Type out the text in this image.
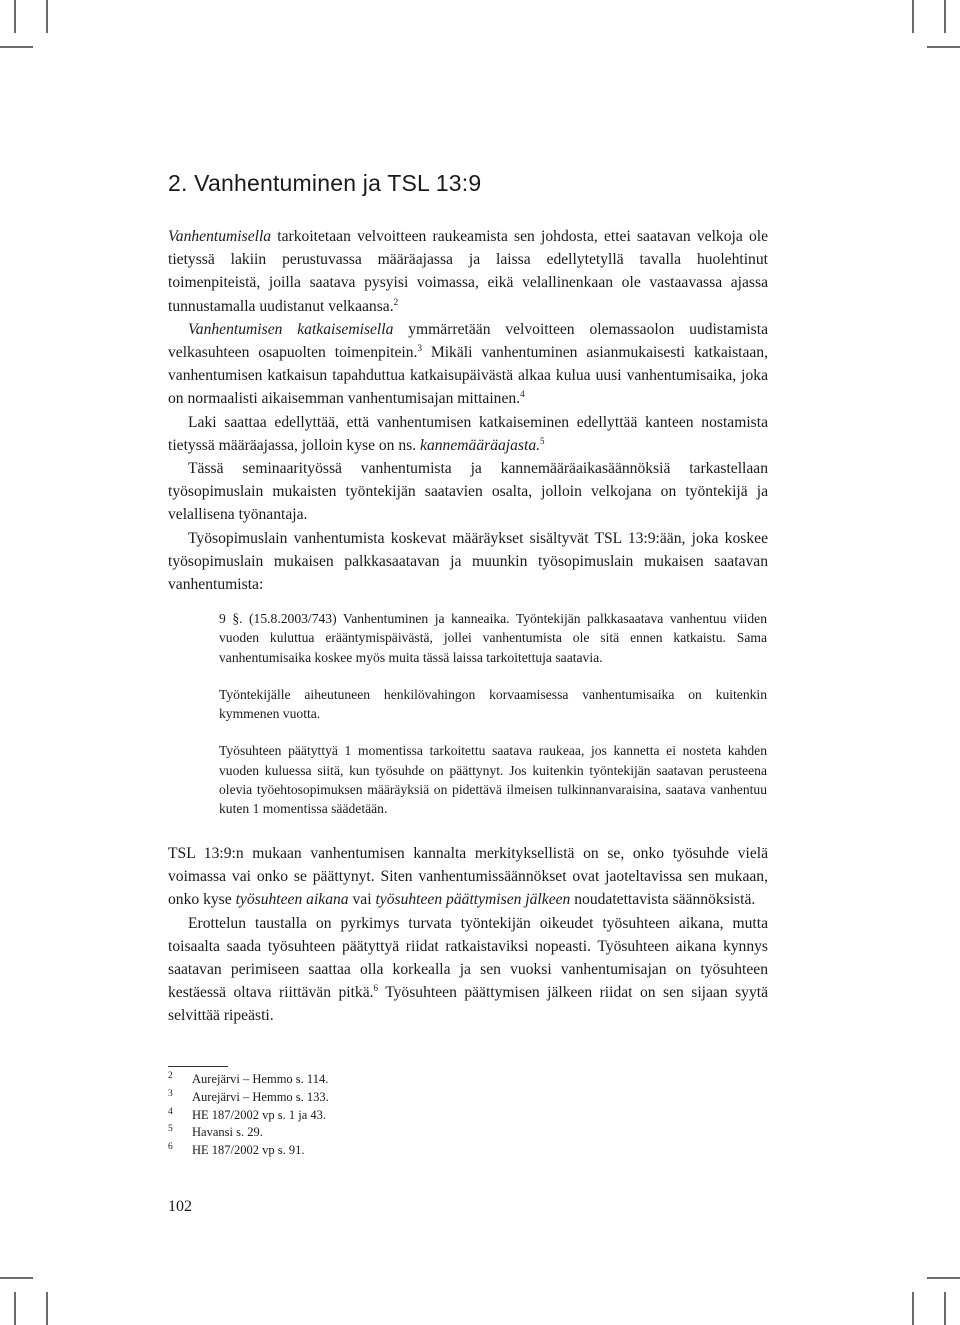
2. Vanhentuminen ja TSL 13:9

Vanhentumisella tarkoitetaan velvoitteen raukeamista sen johdosta, ettei saatavan velkoja ole tietyssä lakiin perustuvassa määräajassa ja laissa edellytetyllä tavalla huolehtinut toimenpiteistä, joilla saatava pysyisi voimassa, eikä velallinenkaan ole vastaavassa ajassa tunnustamalla uudistanut velkaansa.$^2$

Vanhentumisen katkaisemisella ymmärretään velvoitteen olemassaolon uudistamista velkasuhteen osapuolten toimenpitein.$^3$ Mikäli vanhentuminen asianmukaisesti katkaistaan, vanhentumisen katkaisun tapahduttua katkaisupäivästä alkaa kulua uusi vanhentumisaika, joka on normaalisti aikaisemman vanhentumisajan mittainen.$^4$

Laki saattaa edellyttää, että vanhentumisen katkaiseminen edellyttää kanteen nostamista tietyssä määräajassa, jolloin kyse on ns. kannemääräajasta.$^5$

Tässä seminaarityössä vanhentumista ja kannemääräaikasäännöksiä tarkastellaan työsopimuslain mukaisten työntekijän saatavien osalta, jolloin velkojana on työntekijä ja velallisena työnantaja.

Työsopimuslain vanhentumista koskevat määräykset sisältyvät TSL 13:9:ään, joka koskee työsopimuslain mukaisen palkkasaatavan ja muunkin työsopimuslain mukaisen saatavan vanhentumista:

9 §. (15.8.2003/743) Vanhentuminen ja kanneaika. Työntekijän palkkasaatava vanhentuu viiden vuoden kuluttua erääntymispäivästä, jollei vanhentumista ole sitä ennen katkaistu. Sama vanhentumisaika koskee myös muita tässä laissa tarkoitettuja saatavia.

Työntekijälle aiheutuneen henkilövahingon korvaamisessa vanhentumisaika on kuitenkin kymmenen vuotta.

Työsuhteen päätyttyä 1 momentissa tarkoitettu saatava raukeaa, jos kannetta ei nosteta kahden vuoden kuluessa siitä, kun työsuhde on päättynyt. Jos kuitenkin työntekijän saatavan perusteena olevia työehtosopimuksen määräyksiä on pidettävä ilmeisen tulkinnanvaraisina, saatava vanhentuu kuten 1 momentissa säädetään.

TSL 13:9:n mukaan vanhentumisen kannalta merkityksellistä on se, onko työsuhde vielä voimassa vai onko se päättynyt. Siten vanhentumissäännökset ovat jaoteltavissa sen mukaan, onko kyse työsuhteen aikana vai työsuhteen päättymisen jälkeen noudatettavista säännöksistä.

Erottelun taustalla on pyrkimys turvata työntekijän oikeudet työsuhteen aikana, mutta toisaalta saada työsuhteen päätyttyä riidat ratkaistaviksi nopeasti. Työsuhteen aikana kynnys saatavan perimiseen saattaa olla korkealla ja sen vuoksi vanhentumisajan on työsuhteen kestäessä oltava riittävän pitkä.$^6$ Työsuhteen päättymisen jälkeen riidat on sen sijaan syytä selvittää ripeästi.

2	Aurejärvi – Hemmo s. 114.
3	Aurejärvi – Hemmo s. 133.
4	HE 187/2002 vp s. 1 ja 43.
5	Havansi s. 29.
6	HE 187/2002 vp s. 91.
102
